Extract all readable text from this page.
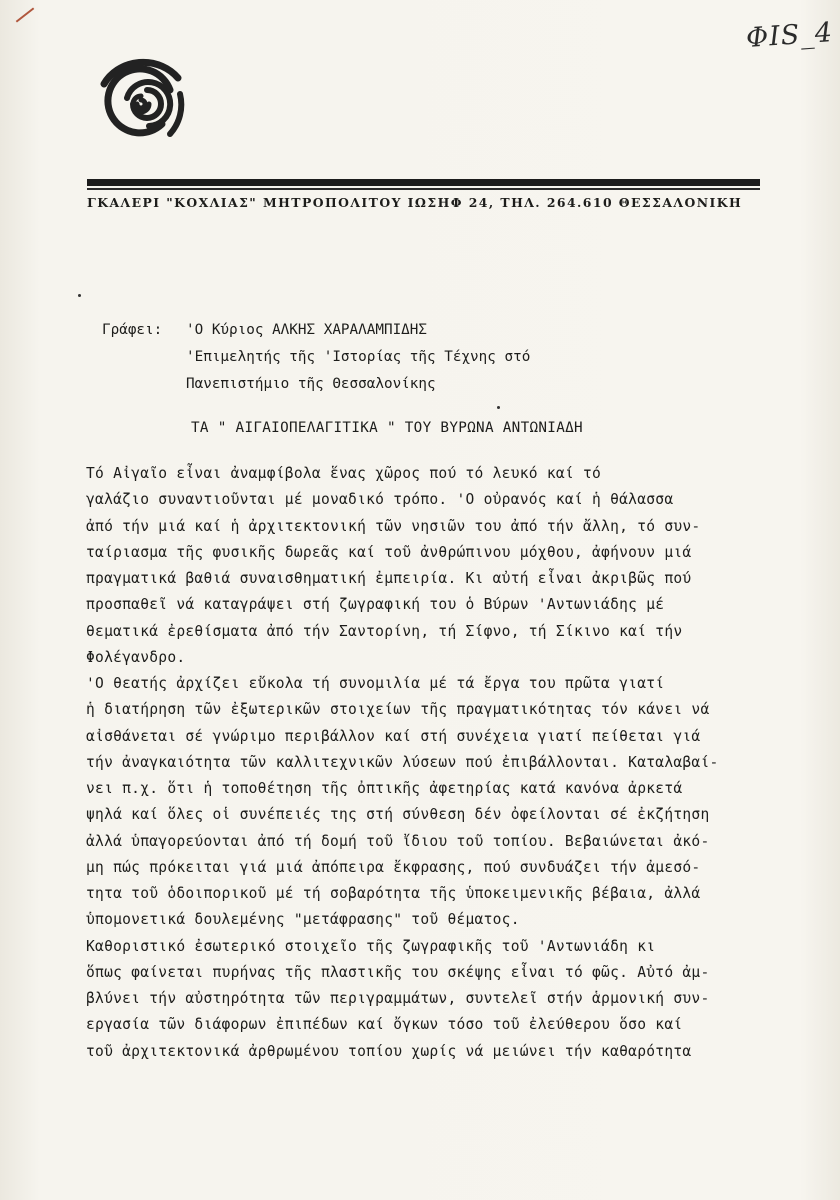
ΦΙS_4
ΓΚΑΛΕΡΙ "ΚΟΧΛΙΑΣ" ΜΗΤΡΟΠΟΛΙΤΟΥ ΙΩΣΗΦ 24, ΤΗΛ. 264.610 ΘΕΣΣΑΛΟΝΙΚΗ
Γράφει: 'Ο Κύριος ΑΛΚΗΣ ΧΑΡΑΛΑΜΠΙΔΗΣ
'Επιμελητής τῆς 'Ιστορίας τῆς Τέχνης στό
Πανεπιστήμιο τῆς Θεσσαλονίκης
ΤΑ " ΑΙΓΑΙΟΠΕΛΑΓΙΤΙΚΑ " ΤΟΥ ΒΥΡΩΝΑ ΑΝΤΩΝΙΑΔΗ
Τό Αἰγαῖο εἶναι ἀναμφίβολα ἕνας χῶρος πού τό λευκό καί τό
γαλάζιο συναντιοῦνται μέ μοναδικό τρόπο. 'Ο οὐρανός καί ἡ θάλασσα
ἀπό τήν μιά καί ἡ ἀρχιτεκτονική τῶν νησιῶν του ἀπό τήν ἄλλη, τό συν-
ταίριασμα τῆς φυσικῆς δωρεᾶς καί τοῦ ἀνθρώπινου μόχθου, ἀφήνουν μιά
πραγματικά βαθιά συναισθηματική ἐμπειρία. Κι αὐτή εἶναι ἀκριβῶς πού
προσπαθεῖ νά καταγράψει στή ζωγραφική του ὁ Βύρων 'Αντωνιάδης μέ
θεματικά ἐρεθίσματα ἀπό τήν Σαντορίνη, τή Σίφνο, τή Σίκινο καί τήν
Φολέγανδρο.
'Ο θεατής ἀρχίζει εὔκολα τή συνομιλία μέ τά ἔργα του πρῶτα γιατί
ἡ διατήρηση τῶν ἐξωτερικῶν στοιχείων τῆς πραγματικότητας τόν κάνει νά
αἰσθάνεται σέ γνώριμο περιβάλλον καί στή συνέχεια γιατί πείθεται γιά
τήν ἀναγκαιότητα τῶν καλλιτεχνικῶν λύσεων πού ἐπιβάλλονται. Καταλαβαί-
νει π.χ. ὅτι ἡ τοποθέτηση τῆς ὀπτικῆς ἀφετηρίας κατά κανόνα ἀρκετά
ψηλά καί ὅλες οἱ συνέπειές της στή σύνθεση δέν ὀφείλονται σέ ἐκζήτηση
ἀλλά ὑπαγορεύονται ἀπό τή δομή τοῦ ἴδιου τοῦ τοπίου. Βεβαιώνεται ἀκό-
μη πώς πρόκειται γιά μιά ἀπόπειρα ἔκφρασης, πού συνδυάζει τήν ἀμεσό-
τητα τοῦ ὁδοιπορικοῦ μέ τή σοβαρότητα τῆς ὑποκειμενικῆς βέβαια, ἀλλά
ὑπομονετικά δουλεμένης "μετάφρασης" τοῦ θέματος.
Καθοριστικό ἐσωτερικό στοιχεῖο τῆς ζωγραφικῆς τοῦ 'Αντωνιάδη κι
ὅπως φαίνεται πυρήνας τῆς πλαστικῆς του σκέψης εἶναι τό φῶς. Αὐτό ἀμ-
βλύνει τήν αὐστηρότητα τῶν περιγραμμάτων, συντελεῖ στήν ἁρμονική συν-
εργασία τῶν διάφορων ἐπιπέδων καί ὄγκων τόσο τοῦ ἐλεύθερου ὅσο καί
τοῦ ἀρχιτεκτονικά ἀρθρωμένου τοπίου χωρίς νά μειώνει τήν καθαρότητα
